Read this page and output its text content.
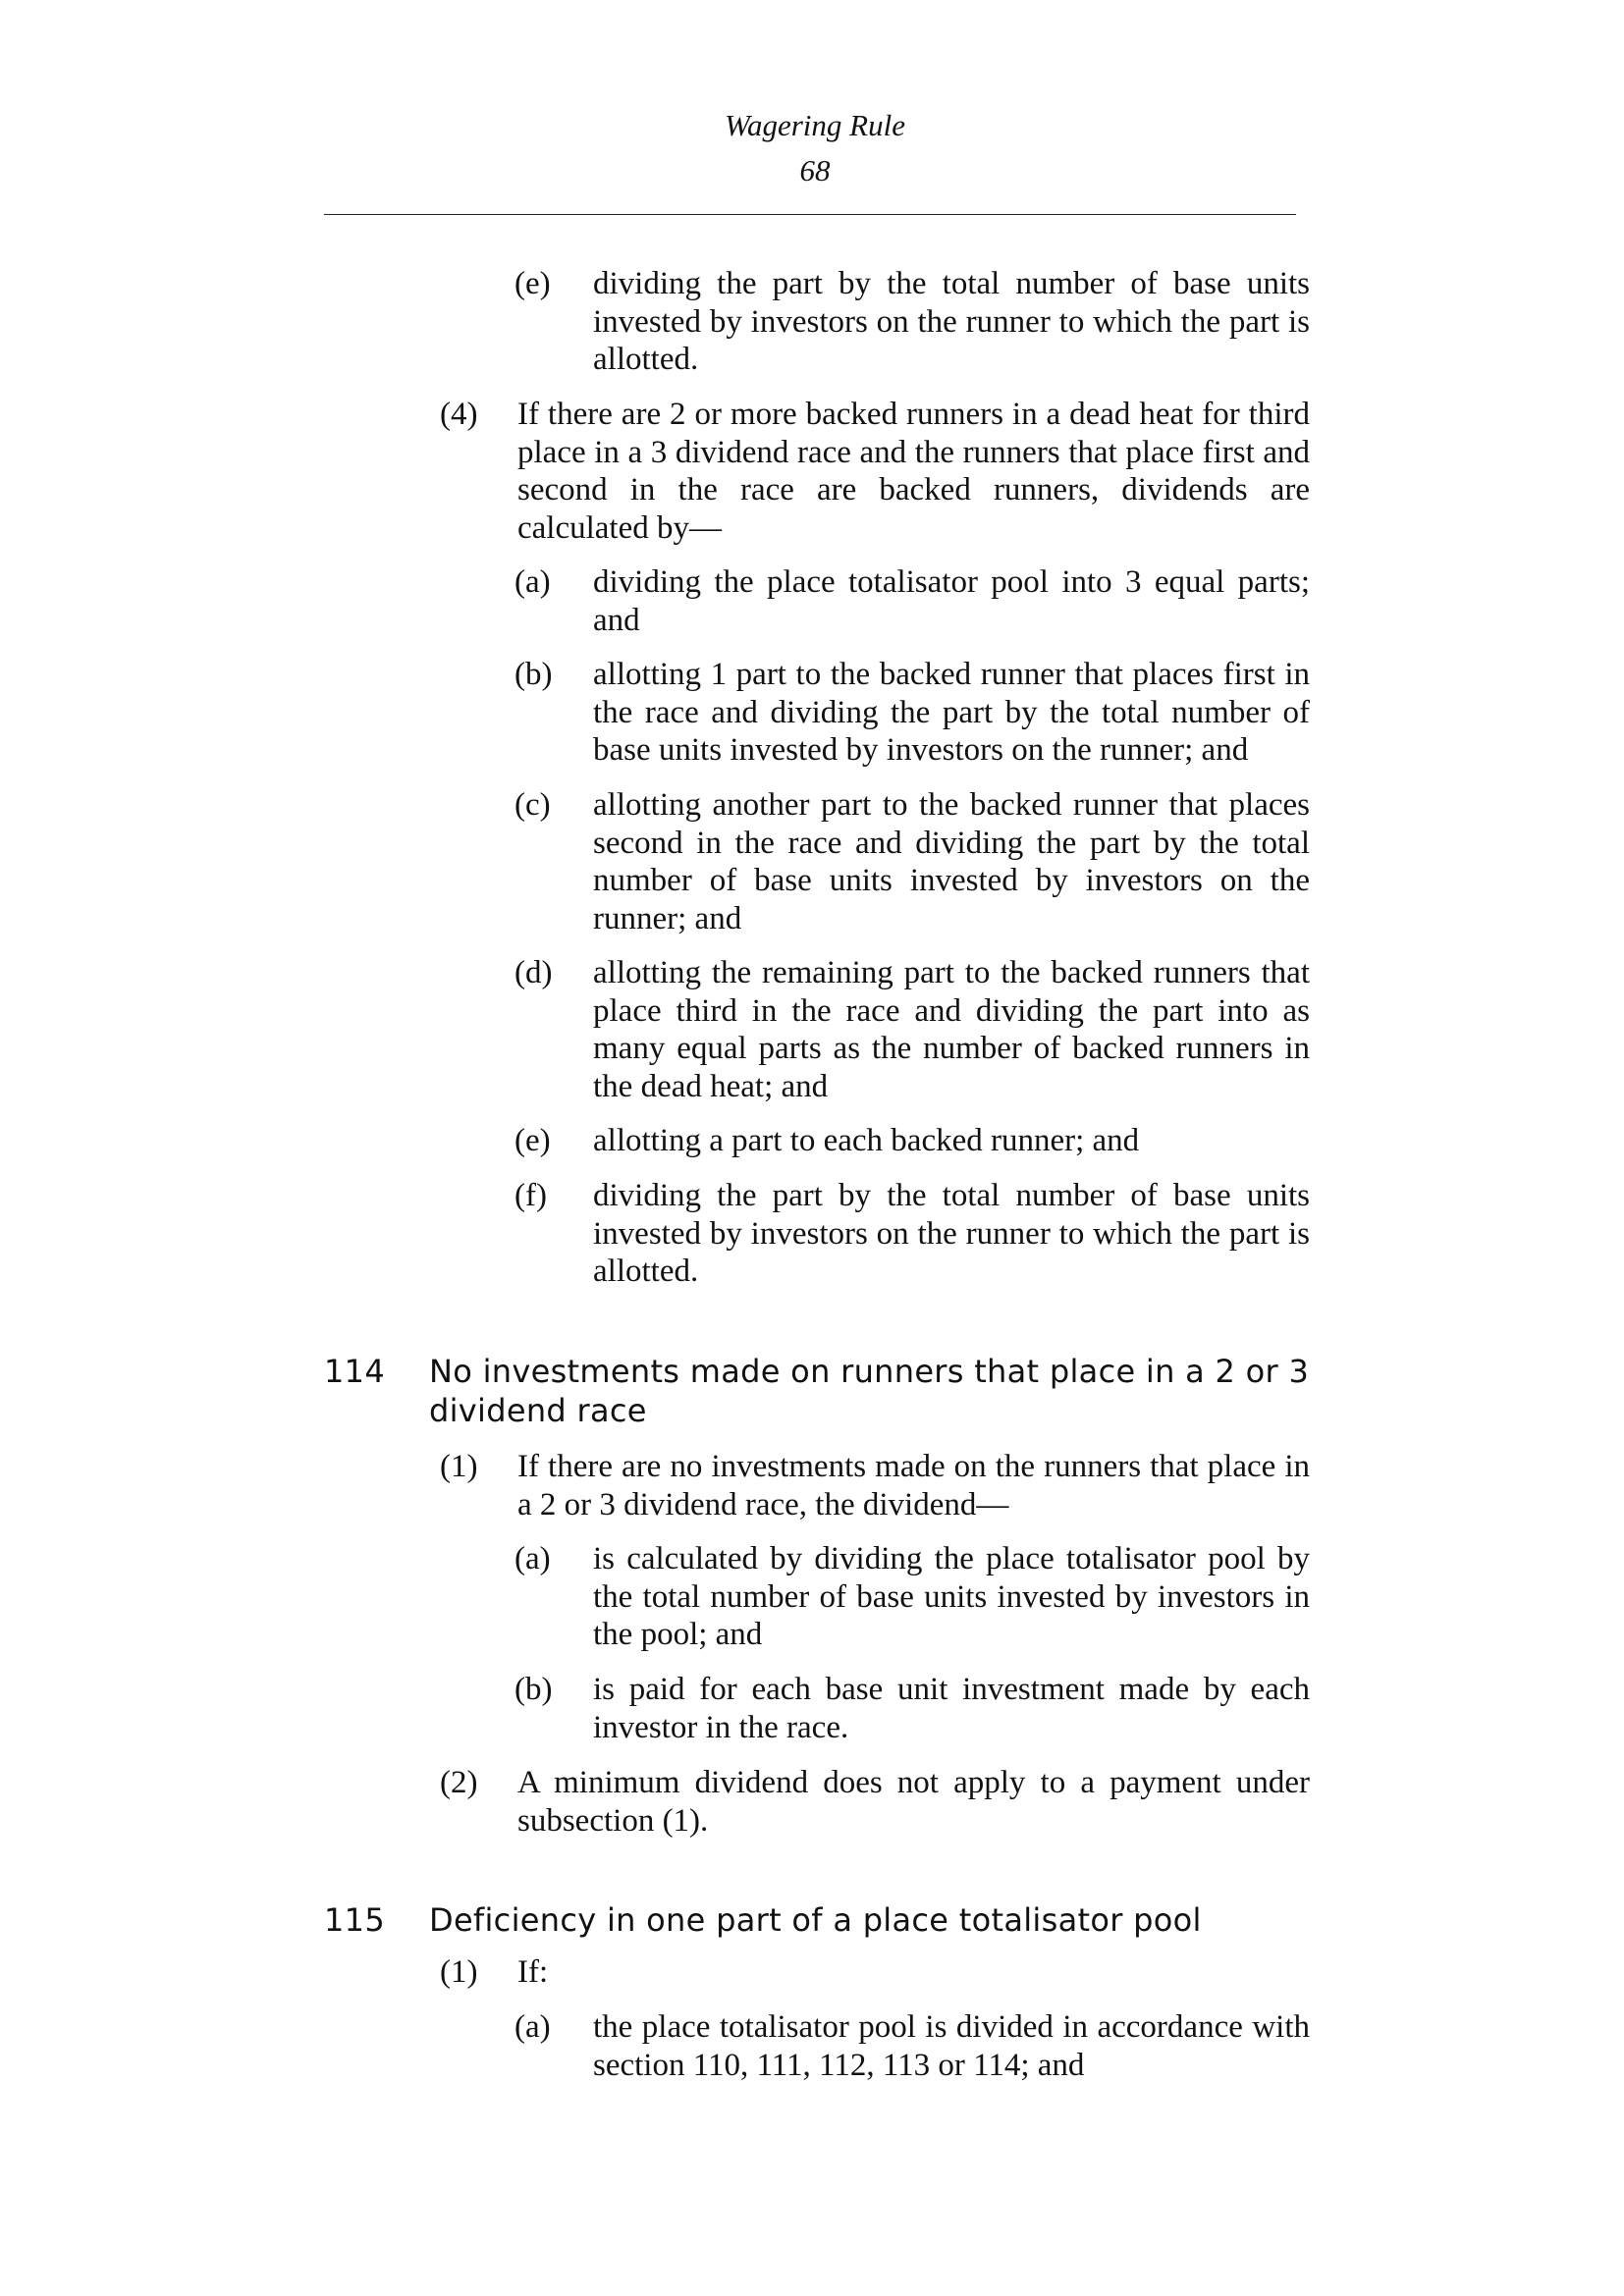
Wagering Rule
68
(e) dividing the part by the total number of base units invested by investors on the runner to which the part is allotted.
(4) If there are 2 or more backed runners in a dead heat for third place in a 3 dividend race and the runners that place first and second in the race are backed runners, dividends are calculated by—
(a) dividing the place totalisator pool into 3 equal parts; and
(b) allotting 1 part to the backed runner that places first in the race and dividing the part by the total number of base units invested by investors on the runner; and
(c) allotting another part to the backed runner that places second in the race and dividing the part by the total number of base units invested by investors on the runner; and
(d) allotting the remaining part to the backed runners that place third in the race and dividing the part into as many equal parts as the number of backed runners in the dead heat; and
(e) allotting a part to each backed runner; and
(f) dividing the part by the total number of base units invested by investors on the runner to which the part is allotted.
114 No investments made on runners that place in a 2 or 3 dividend race
(1) If there are no investments made on the runners that place in a 2 or 3 dividend race, the dividend—
(a) is calculated by dividing the place totalisator pool by the total number of base units invested by investors in the pool; and
(b) is paid for each base unit investment made by each investor in the race.
(2) A minimum dividend does not apply to a payment under subsection (1).
115 Deficiency in one part of a place totalisator pool
(1) If:
(a) the place totalisator pool is divided in accordance with section 110, 111, 112, 113 or 114; and
